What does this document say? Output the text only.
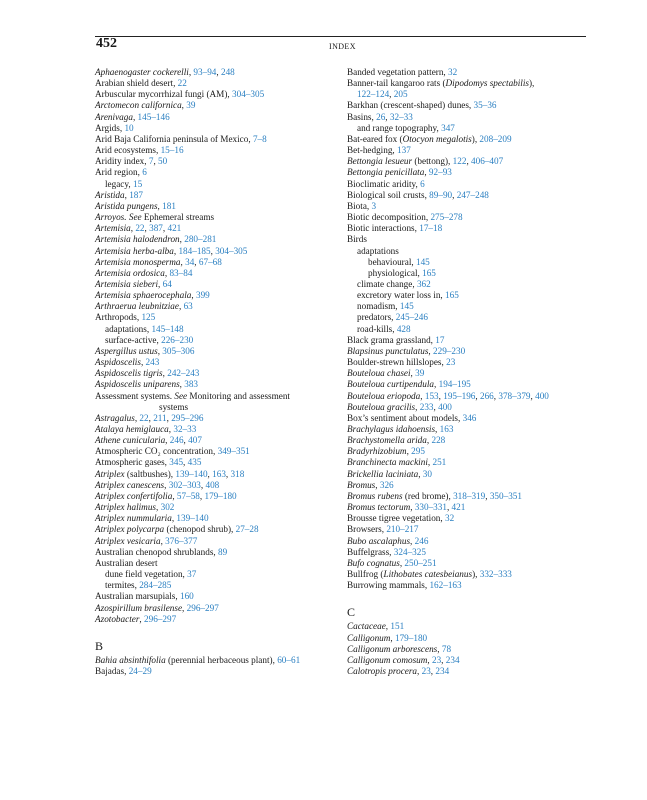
452	INDEX
Aphaenogaster cockerelli, 93–94, 248
Arabian shield desert, 22
Arbuscular mycorrhizal fungi (AM), 304–305
Arctomecon californica, 39
Arenivaga, 145–146
Argids, 10
Arid Baja California peninsula of Mexico, 7–8
Arid ecosystems, 15–16
Aridity index, 7, 50
Arid region, 6
legacy, 15
Aristida, 187
Aristida pungens, 181
Arroyos. See Ephemeral streams
Artemisia, 22, 387, 421
Artemisia halodendron, 280–281
Artemisia herba-alba, 184–185, 304–305
Artemisia monosperma, 34, 67–68
Artemisia ordosica, 83–84
Artemisia sieberi, 64
Artemisia sphaerocephala, 399
Arthraerua leubnitziae, 63
Arthropods, 125
adaptations, 145–148
surface-active, 226–230
Aspergillus ustus, 305–306
Aspidoscelis, 243
Aspidoscelis tigris, 242–243
Aspidoscelis uniparens, 383
Assessment systems. See Monitoring and assessment
systems
Astragalus, 22, 211, 295–296
Atalaya hemiglauca, 32–33
Athene cunicularia, 246, 407
Atmospheric CO₂ concentration, 349–351
Atmospheric gases, 345, 435
Atriplex (saltbushes), 139–140, 163, 318
Atriplex canescens, 302–303, 408
Atriplex confertifolia, 57–58, 179–180
Atriplex halimus, 302
Atriplex nummularia, 139–140
Atriplex polycarpa (chenopod shrub), 27–28
Atriplex vesicaria, 376–377
Australian chenopod shrublands, 89
Australian desert
dune field vegetation, 37
termites, 284–285
Australian marsupials, 160
Azospirillum brasilense, 296–297
Azotobacter, 296–297
B
Bahia absinthifolia (perennial herbaceous plant), 60–61
Bajadas, 24–29
Banded vegetation pattern, 32
Banner-tail kangaroo rats (Dipodomys spectabilis),
122–124, 205
Barkhan (crescent-shaped) dunes, 35–36
Basins, 26, 32–33
and range topography, 347
Bat-eared fox (Otocyon megalotis), 208–209
Bet-hedging, 137
Bettongia lesueur (bettong), 122, 406–407
Bettongia penicillata, 92–93
Bioclimatic aridity, 6
Biological soil crusts, 89–90, 247–248
Biota, 3
Biotic decomposition, 275–278
Biotic interactions, 17–18
Birds
adaptations
behavioural, 145
physiological, 165
climate change, 362
excretory water loss in, 165
nomadism, 145
predators, 245–246
road-kills, 428
Black grama grassland, 17
Blapsinus punctulatus, 229–230
Boulder-strewn hillslopes, 23
Bouteloua chasei, 39
Bouteloua curtipendula, 194–195
Bouteloua eriopoda, 153, 195–196, 266, 378–379, 400
Bouteloua gracilis, 233, 400
Box’s sentiment about models, 346
Brachylagus idahoensis, 163
Brachystomella arida, 228
Bradyrhizobium, 295
Branchinecta mackini, 251
Brickellia laciniata, 30
Bromus, 326
Bromus rubens (red brome), 318–319, 350–351
Bromus tectorum, 330–331, 421
Brousse tigree vegetation, 32
Browsers, 210–217
Bubo ascalaphus, 246
Buffelgrass, 324–325
Bufo cognatus, 250–251
Bullfrog (Lithobates catesbeianus), 332–333
Burrowing mammals, 162–163
C
Cactaceae, 151
Calligonum, 179–180
Calligonum arborescens, 78
Calligonum comosum, 23, 234
Calotropis procera, 23, 234
